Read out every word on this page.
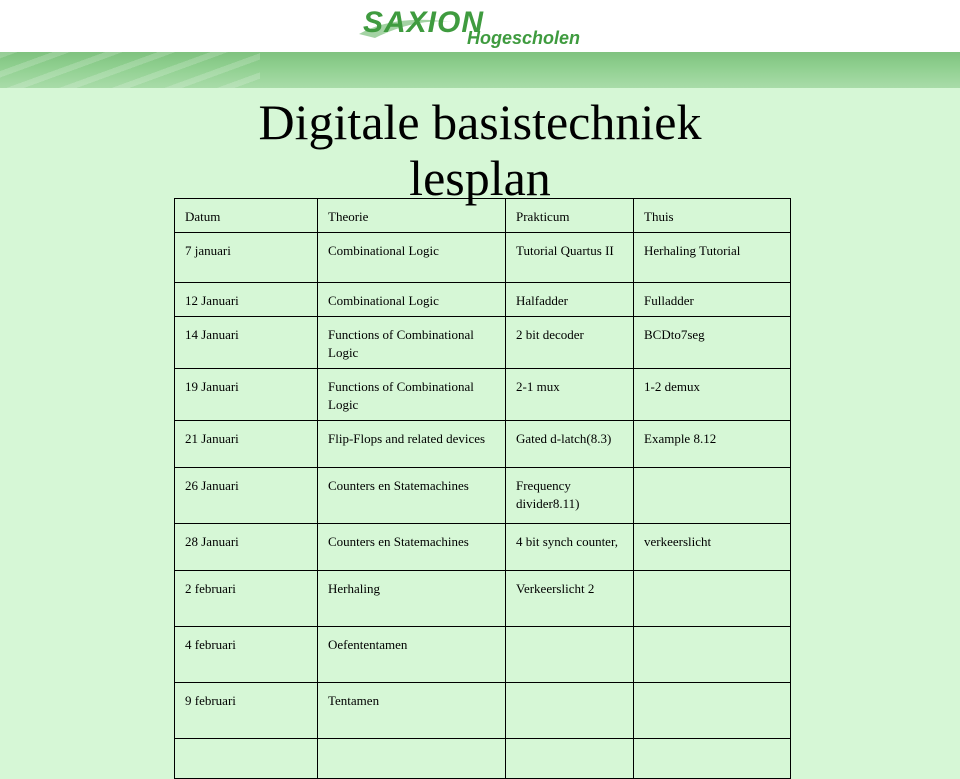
SAXION
Hogescholen
Digitale basistechniek
lesplan
Datum	Theorie	Prakticum	Thuis
7 januari	Combinational Logic	Tutorial Quartus II	Herhaling Tutorial
12 Januari	Combinational Logic	Halfadder	Fulladder
14 Januari	Functions of Combinational Logic	2 bit decoder	BCDto7seg
19 Januari	Functions of Combinational Logic	2-1 mux	1-2 demux
21 Januari	Flip-Flops and related devices	Gated d-latch(8.3)	Example 8.12
26 Januari	Counters en Statemachines	Frequency divider8.11)	
28 Januari	Counters en Statemachines	4 bit synch counter,	verkeerslicht
2 februari	Herhaling	Verkeerslicht 2	
4 februari	Oefententamen		
9 februari	Tentamen		
